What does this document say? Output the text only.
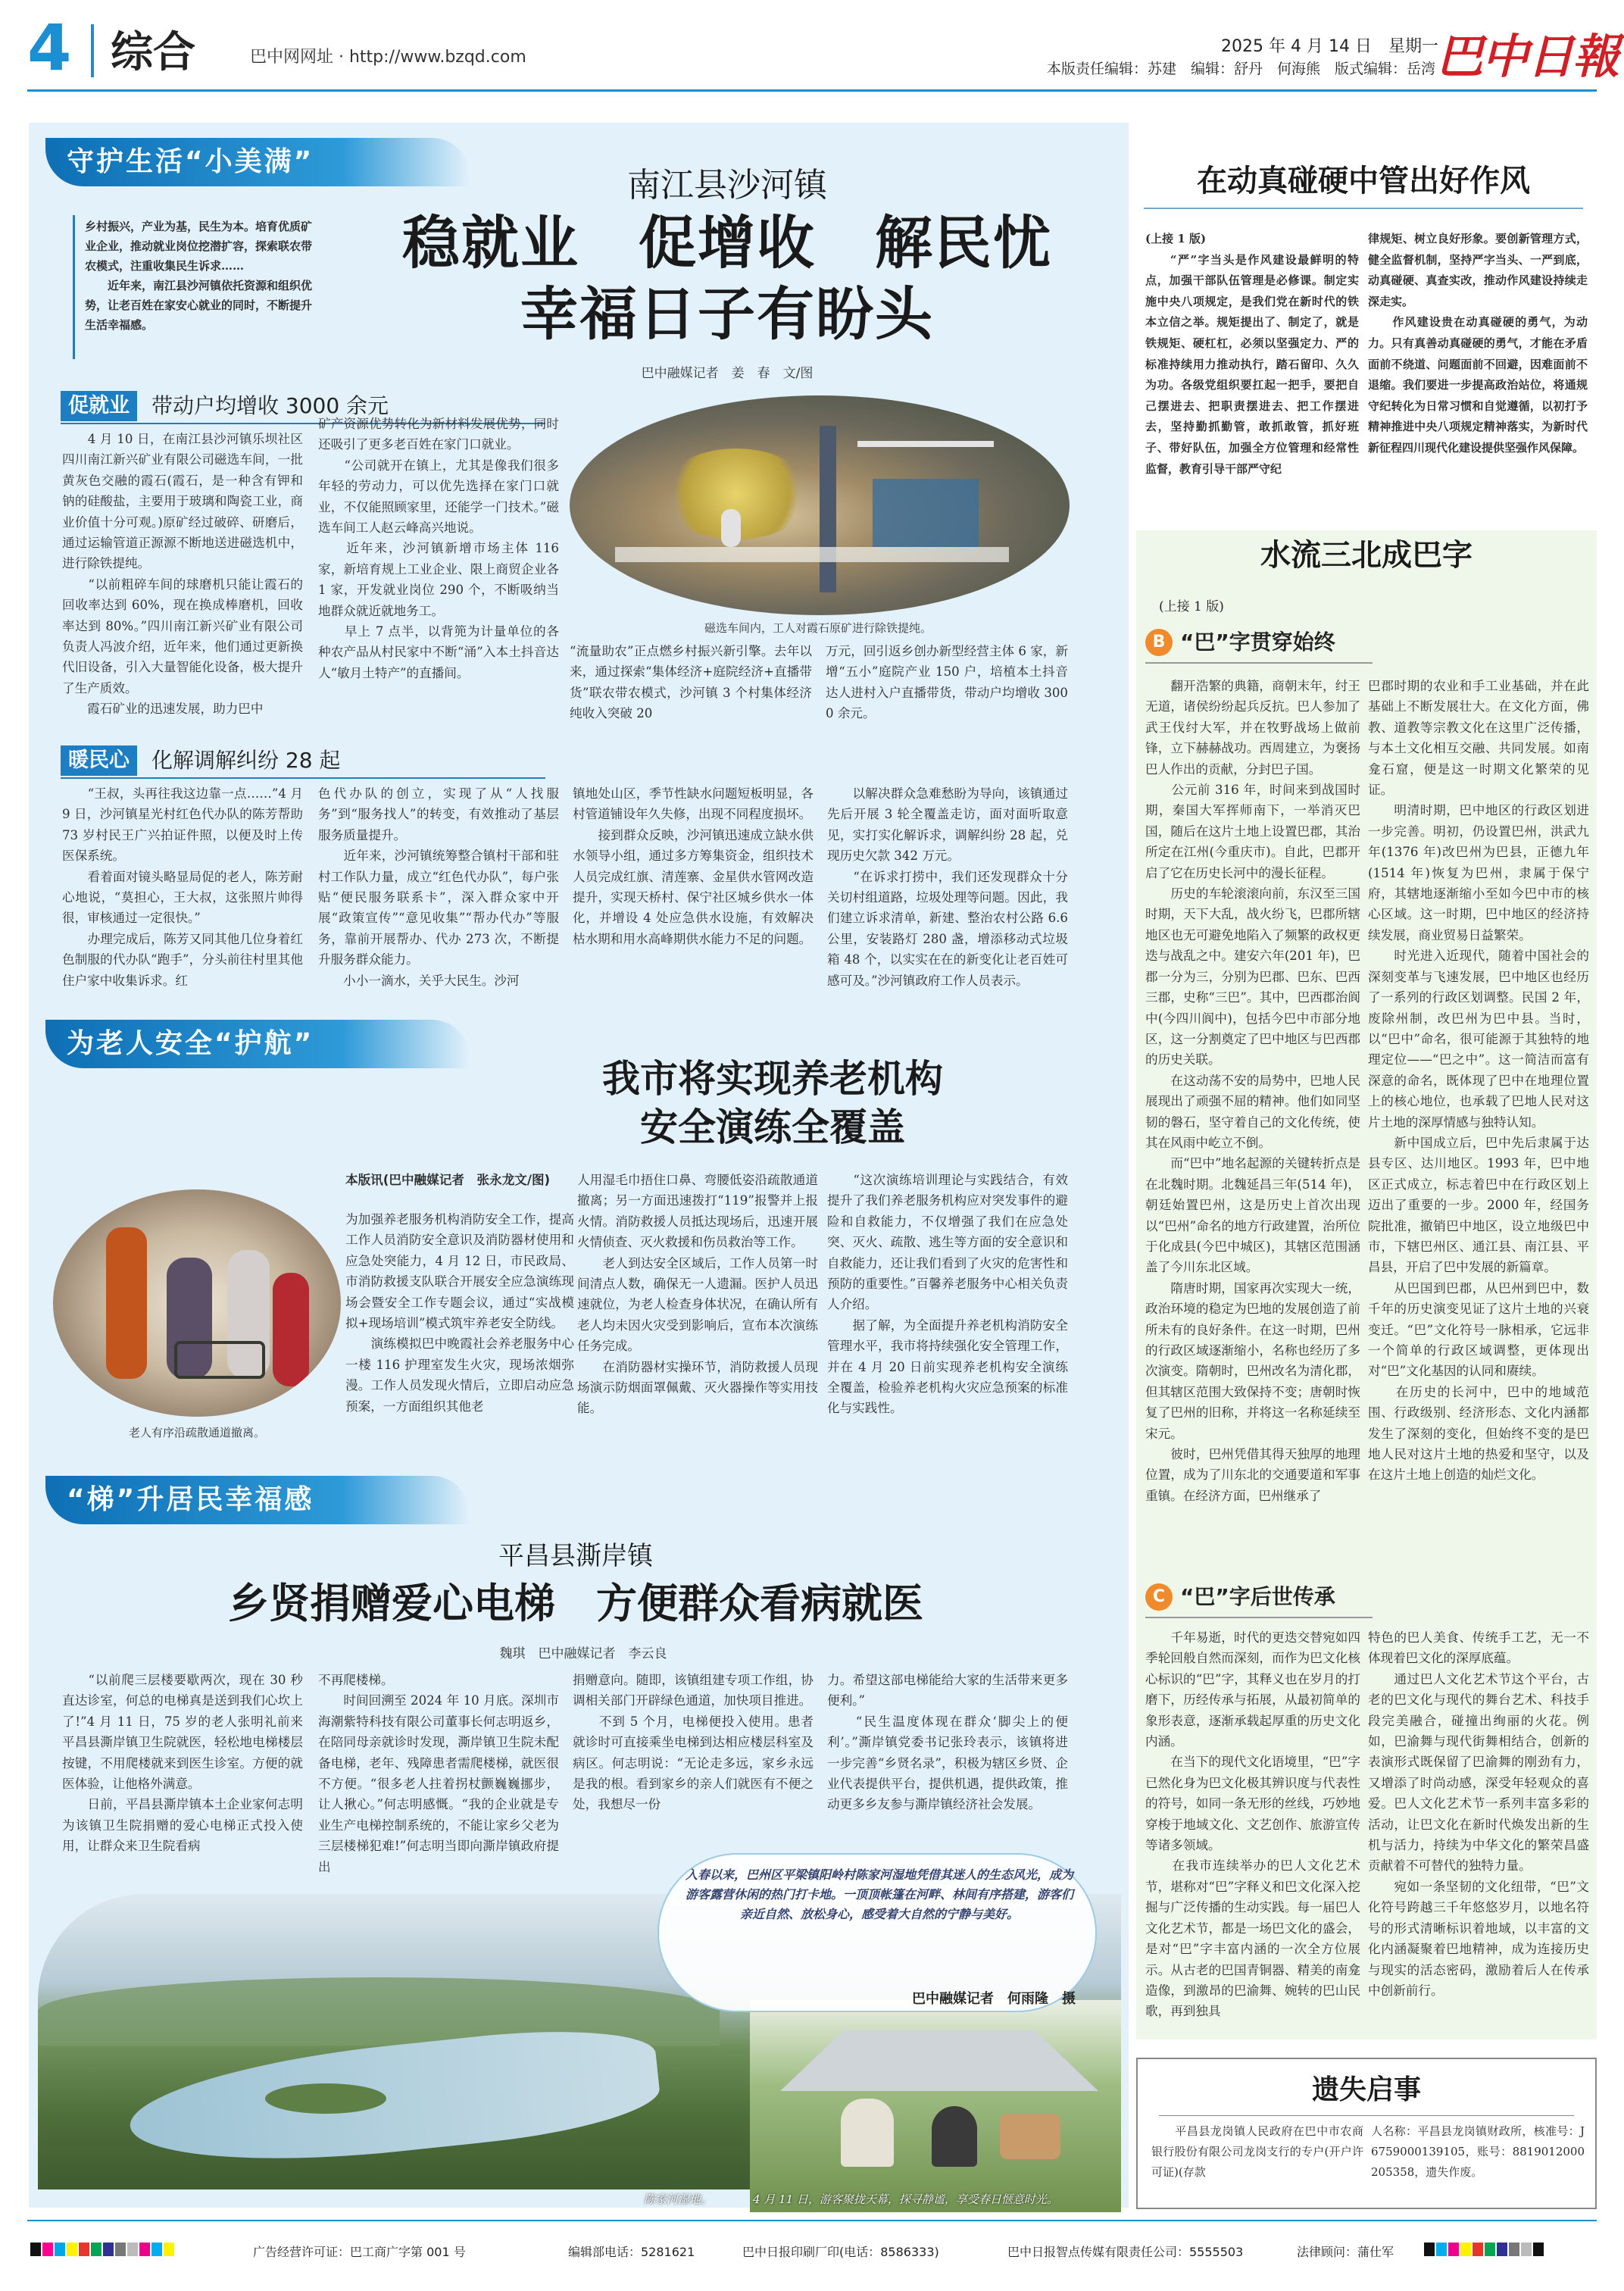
4 综合	巴中网网址 · http://www.bzqd.com
2025 年 4 月 14 日　星期一
本版责任编辑：苏建　编辑：舒丹　何海熊　版式编辑：岳湾 巴中日報
守护生活“小美满”
乡村振兴，产业为基，民生为本。培育优质矿业企业，推动就业岗位挖潜扩容，探索联农带农模式，注重收集民生诉求……
　　近年来，南江县沙河镇依托资源和组织优势，让老百姓在家安心就业的同时，不断提升生活幸福感。
南江县沙河镇
稳就业　促增收　解民忧
幸福日子有盼头
巴中融媒记者　姜　春　文/图
促就业	带动户均增收 3000 余元
　　4 月 10 日，在南江县沙河镇乐坝社区四川南江新兴矿业有限公司磁选车间，一批黄灰色交融的霞石(霞石，是一种含有钾和钠的硅酸盐，主要用于玻璃和陶瓷工业，商业价值十分可观。)原矿经过破碎、研磨后，通过运输管道正源源不断地送进磁选机中，进行除铁提纯。
　　“以前粗碎车间的球磨机只能让霞石的回收率达到 60%，现在换成棒磨机，回收率达到 80%。”四川南江新兴矿业有限公司负责人冯波介绍，近年来，他们通过更新换代旧设备，引入大量智能化设备，极大提升了生产质效。
　　霞石矿业的迅速发展，助力巴中
矿产资源优势转化为新材料发展优势，同时还吸引了更多老百姓在家门口就业。
　　“公司就开在镇上，尤其是像我们很多年轻的劳动力，可以优先选择在家门口就业，不仅能照顾家里，还能学一门技术。”磁选车间工人赵云峰高兴地说。
　　近年来，沙河镇新增市场主体 116 家，新培育规上工业企业、限上商贸企业各 1 家，开发就业岗位 290 个，不断吸纳当地群众就近就地务工。
　　早上 7 点半，以背篼为计量单位的各种农产品从村民家中不断“涌”入本土抖音达人“敏月土特产”的直播间。
磁选车间内，工人对霞石原矿进行除铁提纯。
“流量助农”正点燃乡村振兴新引擎。去年以来，通过探索“集体经济+庭院经济+直播带货”联农带农模式，沙河镇 3 个村集体经济纯收入突破 20
万元，回引返乡创办新型经营主体 6 家，新增“五小”庭院产业 150 户，培植本土抖音达人进村入户直播带货，带动户均增收 3000 余元。
暖民心	化解调解纠纷 28 起
　　“王叔，头再往我这边靠一点……”4 月 9 日，沙河镇星光村红色代办队的陈芳帮助 73 岁村民王广兴拍证件照，以便及时上传医保系统。
　　看着面对镜头略显局促的老人，陈芳耐心地说，“莫担心，王大叔，这张照片帅得很，审核通过一定很快。”
　　办理完成后，陈芳又同其他几位身着红色制服的代办队“跑手”，分头前往村里其他住户家中收集诉求。红
色代办队的创立，实现了从“人找服务”到“服务找人”的转变，有效推动了基层服务质量提升。
　　近年来，沙河镇统筹整合镇村干部和驻村工作队力量，成立“红色代办队”，每户张贴“便民服务联系卡”，深入群众家中开展“政策宣传”“意见收集”“帮办代办”等服务，靠前开展帮办、代办 273 次，不断提升服务群众能力。
　　小小一滴水，关乎大民生。沙河
镇地处山区，季节性缺水问题短板明显，各村管道铺设年久失修，出现不同程度损坏。
　　接到群众反映，沙河镇迅速成立缺水供水领导小组，通过多方筹集资金，组织技术人员完成红旗、清莲寨、金星供水管网改造提升，实现天桥村、保宁社区城乡供水一体化，并增设 4 处应急供水设施，有效解决枯水期和用水高峰期供水能力不足的问题。
　　以解决群众急难愁盼为导向，该镇通过先后开展 3 轮全覆盖走访，面对面听取意见，实打实化解诉求，调解纠纷 28 起，兑现历史欠款 342 万元。
　　“在诉求打捞中，我们还发现群众十分关切村组道路，垃圾处理等问题。因此，我们建立诉求清单，新建、整治农村公路 6.6 公里，安装路灯 280 盏，增添移动式垃圾箱 48 个，以实实在在的新变化让老百姓可感可及。”沙河镇政府工作人员表示。
为老人安全“护航”
我市将实现养老机构
安全演练全覆盖
老人有序沿疏散通道撤离。
本版讯(巴中融媒记者　张永龙文/图)
为加强养老服务机构消防安全工作，提高工作人员消防安全意识及消防器材使用和应急处突能力，4 月 12 日，市民政局、市消防救援支队联合开展安全应急演练现场会暨安全工作专题会议，通过“实战模拟+现场培训”模式筑牢养老安全防线。
　　演练模拟巴中晚霞社会养老服务中心一楼 116 护理室发生火灾，现场浓烟弥漫。工作人员发现火情后，立即启动应急预案，一方面组织其他老
人用湿毛巾捂住口鼻、弯腰低姿沿疏散通道撤离；另一方面迅速拨打“119”报警并上报火情。消防救援人员抵达现场后，迅速开展火情侦查、灭火救援和伤员救治等工作。
　　老人到达安全区域后，工作人员第一时间清点人数，确保无一人遗漏。医护人员迅速就位，为老人检查身体状况，在确认所有老人均未因火灾受到影响后，宣布本次演练任务完成。
　　在消防器材实操环节，消防救援人员现场演示防烟面罩佩戴、灭火器操作等实用技能。
　　“这次演练培训理论与实践结合，有效提升了我们养老服务机构应对突发事件的避险和自救能力，不仅增强了我们在应急处突、灭火、疏散、逃生等方面的安全意识和自救能力，还让我们看到了火灾的危害性和预防的重要性。”百馨养老服务中心相关负责人介绍。
　　据了解，为全面提升养老机构消防安全管理水平，我市将持续强化安全管理工作，并在 4 月 20 日前实现养老机构安全演练全覆盖，检验养老机构火灾应急预案的标准化与实践性。
“梯”升居民幸福感
平昌县澌岸镇
乡贤捐赠爱心电梯　方便群众看病就医
魏琪　巴中融媒记者　李云良
　　“以前爬三层楼要歇两次，现在 30 秒直达诊室，何总的电梯真是送到我们心坎上了!”4 月 11 日，75 岁的老人张明礼前来平昌县澌岸镇卫生院就医，轻松地电梯楼层按键，不用爬楼就来到医生诊室。方便的就医体验，让他格外满意。
　　日前，平昌县澌岸镇本土企业家何志明为该镇卫生院捐赠的爱心电梯正式投入使用，让群众来卫生院看病
不再爬楼梯。
　　时间回溯至 2024 年 10 月底。深圳市海潮紫特科技有限公司董事长何志明返乡，在陪同母亲就诊时发现，澌岸镇卫生院未配备电梯，老年、残障患者需爬楼梯，就医很不方便。“很多老人拄着拐杖颤巍巍挪步，让人揪心。”何志明感慨。“我的企业就是专业生产电梯控制系统的，不能让家乡父老为三层楼梯犯难!”何志明当即向澌岸镇政府提出
捐赠意向。随即，该镇组建专项工作组，协调相关部门开辟绿色通道，加快项目推进。
　　不到 5 个月，电梯便投入使用。患者就诊时可直接乘坐电梯到达相应楼层科室及病区。何志明说：“无论走多远，家乡永远是我的根。看到家乡的亲人们就医有不便之处，我想尽一份
力。希望这部电梯能给大家的生活带来更多便利。”
　　“民生温度体现在群众‘脚尖上的便利’。”澌岸镇党委书记张玲表示，该镇将进一步完善“乡贤名录”，积极为辖区乡贤、企业代表提供平台，提供机遇，提供政策，推动更多乡友参与澌岸镇经济社会发展。
入春以来，巴州区平梁镇阳岭村陈家河湿地凭借其迷人的生态风光，成为游客露营休闲的热门打卡地。一顶顶帐篷在河畔、林间有序搭建，游客们亲近自然、放松身心，感受着大自然的宁静与美好。
巴中融媒记者　何雨隆　摄
陈家河湿地。	4 月 11 日，游客聚拢天幕，探寻静谧，享受春日惬意时光。
在动真碰硬中管出好作风
(上接 1 版)
　　“严”字当头是作风建设最鲜明的特点，加强干部队伍管理是必修课。制定实施中央八项规定，是我们党在新时代的铁本立信之举。规矩提出了、制定了，就是铁规矩、硬杠杠，必须以坚强定力、严的标准持续用力推动执行，踏石留印、久久为功。各级党组织要扛起一把手，要把自己摆进去、把职责摆进去、把工作摆进去，坚持勤抓勤管，敢抓敢管，抓好班子、带好队伍，加强全方位管理和经常性监督，教育引导干部严守纪
律规矩、树立良好形象。要创新管理方式，健全监督机制，坚持严字当头、一严到底，动真碰硬、真查实改，推动作风建设持续走深走实。
　　作风建设贵在动真碰硬的勇气，为动力。只有真善动真碰硬的勇气，才能在矛盾面前不绕道、问题面前不回避，因难面前不退缩。我们要进一步提高政治站位，将通规守纪转化为日常习惯和自觉遵循，以初打予精神推进中央八项规定精神落实，为新时代新征程四川现代化建设提供坚强作风保障。
水流三北成巴字
(上接 1 版)
B “巴”字贯穿始终
　　翻开浩繁的典籍，商朝末年，纣王无道，诸侯纷纷起兵反抗。巴人参加了武王伐纣大军，并在牧野战场上做前锋，立下赫赫战功。西周建立，为褒扬巴人作出的贡献，分封巴子国。
　　公元前 316 年，时间来到战国时期，秦国大军挥师南下，一举消灭巴国，随后在这片土地上设置巴郡，其治所定在江州(今重庆市)。自此，巴郡开启了它在历史长河中的漫长征程。
　　历史的车轮滚滚向前，东汉至三国时期，天下大乱，战火纷飞，巴郡所辖地区也无可避免地陷入了频繁的政权更迭与战乱之中。建安六年(201 年)，巴郡一分为三，分别为巴郡、巴东、巴西三郡，史称“三巴”。其中，巴西郡治阆中(今四川阆中)，包括今巴中市部分地区，这一分割奠定了巴中地区与巴西郡的历史关联。
　　在这动荡不安的局势中，巴地人民展现出了顽强不屈的精神。他们如同坚韧的磐石，坚守着自己的文化传统，使其在风雨中屹立不倒。
　　而“巴中”地名起源的关键转折点是在北魏时期。北魏延昌三年(514 年)，朝廷始置巴州，这是历史上首次出现以“巴州”命名的地方行政建置，治所位于化成县(今巴中城区)，其辖区范围涵盖了今川东北区域。
　　隋唐时期，国家再次实现大一统，政治环境的稳定为巴地的发展创造了前所未有的良好条件。在这一时期，巴州的行政区域逐渐缩小，名称也经历了多次演变。隋朝时，巴州改名为清化郡，但其辖区范围大致保持不变；唐朝时恢复了巴州的旧称，并将这一名称延续至宋元。
　　彼时，巴州凭借其得天独厚的地理位置，成为了川东北的交通要道和军事重镇。在经济方面，巴州继承了
巴郡时期的农业和手工业基础，并在此基础上不断发展壮大。在文化方面，佛教、道教等宗教文化在这里广泛传播，与本土文化相互交融、共同发展。如南龛石窟，便是这一时期文化繁荣的见证。
　　明清时期，巴中地区的行政区划进一步完善。明初，仍设置巴州，洪武九年(1376 年)改巴州为巴县，正德九年(1514 年)恢复为巴州，隶属于保宁府，其辖地逐渐缩小至如今巴中市的核心区域。这一时期，巴中地区的经济持续发展，商业贸易日益繁荣。
　　时光进入近现代，随着中国社会的深刻变革与飞速发展，巴中地区也经历了一系列的行政区划调整。民国 2 年，废除州制，改巴州为巴中县。当时，以“巴中”命名，很可能源于其独特的地理定位——“巴之中”。这一简洁而富有深意的命名，既体现了巴中在地理位置上的核心地位，也承载了巴地人民对这片土地的深厚情感与独特认知。
　　新中国成立后，巴中先后隶属于达县专区、达川地区。1993 年，巴中地区正式成立，标志着巴中在行政区划上迈出了重要的一步。2000 年，经国务院批准，撤销巴中地区，设立地级巴中市，下辖巴州区、通江县、南江县、平昌县，开启了巴中发展的新篇章。
　　从巴国到巴郡，从巴州到巴中，数千年的历史演变见证了这片土地的兴衰变迁。“巴”文化符号一脉相承，它远非一个简单的行政区域调整，更体现出对“巴”文化基因的认同和赓续。
　　在历史的长河中，巴中的地域范围、行政级别、经济形态、文化内涵都发生了深刻的变化，但始终不变的是巴地人民对这片土地的热爱和坚守，以及在这片土地上创造的灿烂文化。
C “巴”字后世传承
　　千年易逝，时代的更迭交替宛如四季轮回般自然而深刻，而作为巴文化核心标识的“巴”字，其释义也在岁月的打磨下，历经传承与拓展，从最初简单的象形表意，逐渐承载起厚重的历史文化内涵。
　　在当下的现代文化语境里，“巴”字已然化身为巴文化极其辨识度与代表性的符号，如同一条无形的丝线，巧妙地穿梭于地域文化、文艺创作、旅游宣传等诸多领域。
　　在我市连续举办的巴人文化艺术节，堪称对“巴”字释义和巴文化深入挖掘与广泛传播的生动实践。每一届巴人文化艺术节，都是一场巴文化的盛会，是对“巴”字丰富内涵的一次全方位展示。从古老的巴国青铜器、精美的南龛造像，到激昂的巴渝舞、婉转的巴山民歌，再到独具
特色的巴人美食、传统手工艺，无一不体现着巴文化的深厚底蕴。
　　通过巴人文化艺术节这个平台，古老的巴文化与现代的舞台艺术、科技手段完美融合，碰撞出绚丽的火花。例如，巴渝舞与现代街舞相结合，创新的表演形式既保留了巴渝舞的刚劲有力，又增添了时尚动感，深受年轻观众的喜爱。巴人文化艺术节一系列丰富多彩的活动，让巴文化在新时代焕发出新的生机与活力，持续为中华文化的繁荣昌盛贡献着不可替代的独特力量。
　　宛如一条坚韧的文化纽带，“巴”文化符号跨越三千年悠悠岁月，以地名符号的形式清晰标识着地域，以丰富的文化内涵凝聚着巴地精神，成为连接历史与现实的活态密码，激励着后人在传承中创新前行。
遗失启事
　　平昌县龙岗镇人民政府在巴中市农商银行股份有限公司龙岗支行的专户(开户许可证)(存款
人名称：平昌县龙岗镇财政所，核准号：J6759000139105，账号：8819012000205358，遗失作废。
广告经营许可证：巴工商广字第 001 号	编辑部电话：5281621	巴中日报印刷厂印(电话：8586333)	巴中日报智点传媒有限责任公司：5555503	法律顾问：蒲仕军
